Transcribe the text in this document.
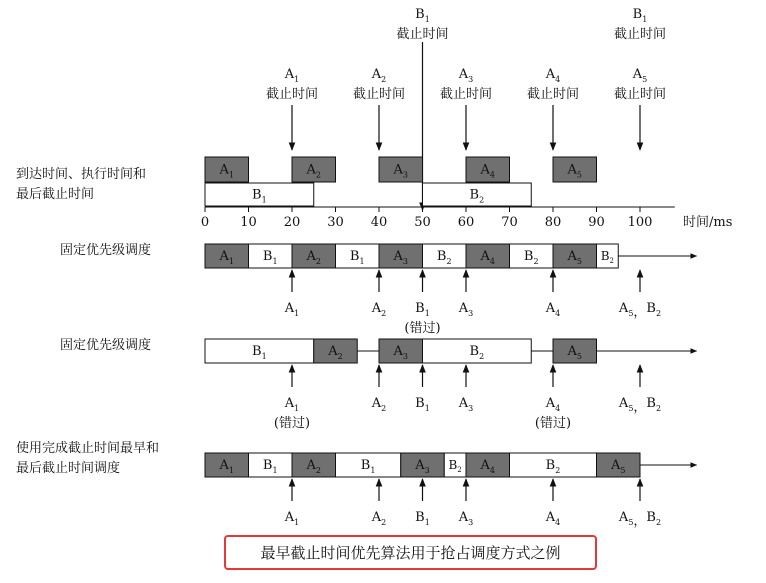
$A_1$
截止时间
$A_2$
截止时间
$A_3$
截止时间
$A_4$
截止时间
$A_5$
截止时间
$B_1$
截止时间
$B_1$
截止时间
到达时间、执行时间和
最后截止时间
$A_1$	$A_2$	$A_3$	$A_4$	$A_5$
$B_1$	$B_2$
0 10 20 30 40 50 60 70 80 90 100 时间/ms
固定优先级调度	$A_1$ $B_1$ $A_2$ $B_1$ $A_3$ $B_2$ $A_4$ $B_2$ $A_5$ $B_2$
$A_1$	$A_2$ $B_1$
(错过)
$A_3$	$A_4$	$A_5$，$B_2$
固定优先级调度	$B_1$	$A_2$	$A_3$	$B_2$	$A_5$
$A_1$
(错过)
$A_2$ $B_1$ $A_3$	$A_4$
(错过)
$A_5$，$B_2$
使用完成截止时间最早和
最后截止时间调度	$A_1$ $B_1$ $A_2$	$B_1$	$A_3$ $B_2$ $A_4$	$B_2$	$A_5$
$A_1$	$A_2$ $B_1$ $A_3$	$A_4$	$A_5$，$B_2$
最早截止时间优先算法用于抢占调度方式之例
